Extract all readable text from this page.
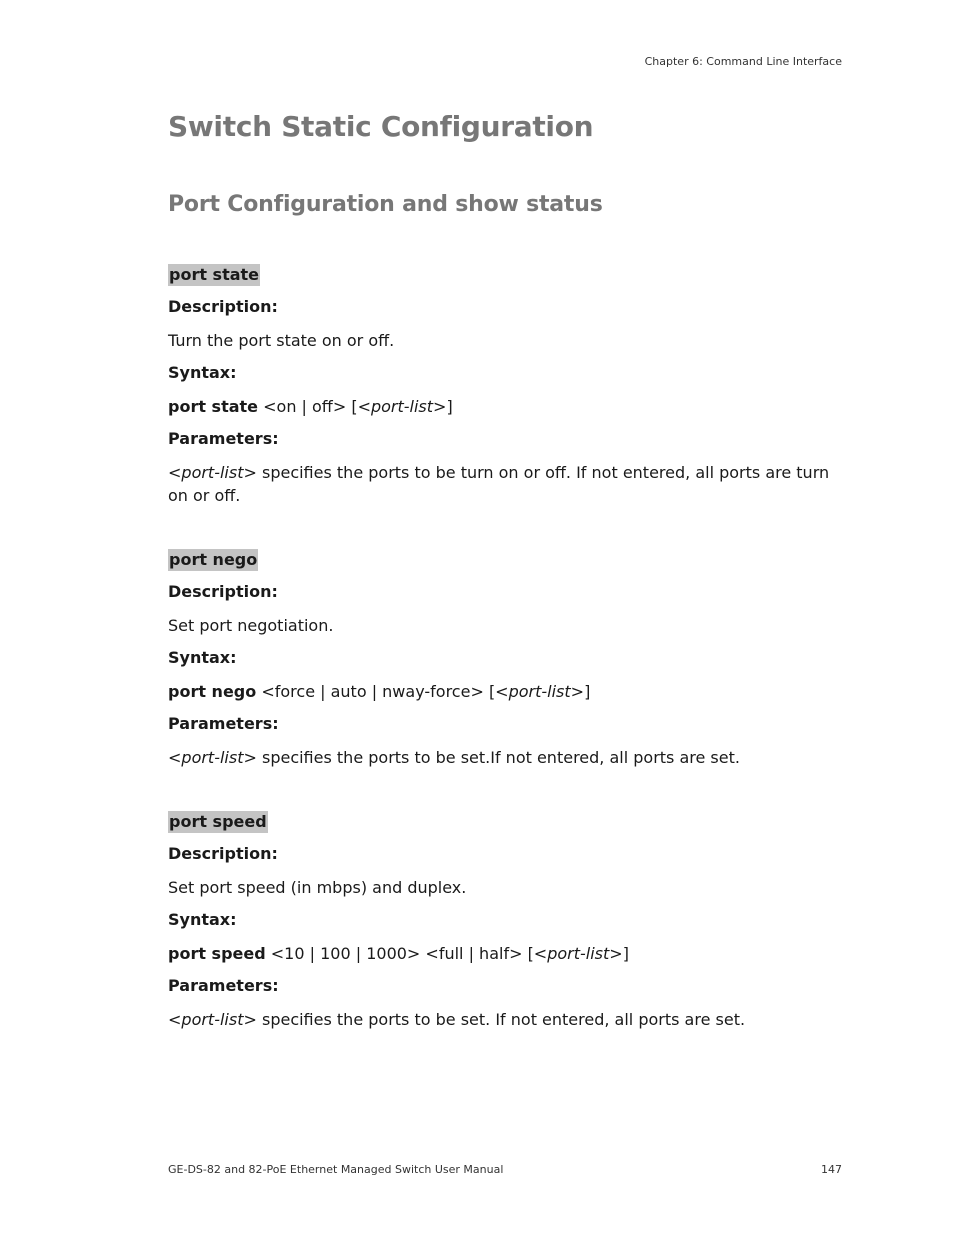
Chapter 6: Command Line Interface
Switch Static Configuration
Port Configuration and show status
port state
Description:
Turn the port state on or off.
Syntax:
port state <on | off> [<port-list>]
Parameters:
<port-list> specifies the ports to be turn on or off. If not entered, all ports are turn on or off.
port nego
Description:
Set port negotiation.
Syntax:
port nego <force | auto | nway-force> [<port-list>]
Parameters:
<port-list> specifies the ports to be set.If not entered, all ports are set.
port speed
Description:
Set port speed (in mbps) and duplex.
Syntax:
port speed <10 | 100 | 1000> <full | half> [<port-list>]
Parameters:
<port-list> specifies the ports to be set. If not entered, all ports are set.
GE-DS-82 and 82-PoE Ethernet Managed Switch User Manual	147
